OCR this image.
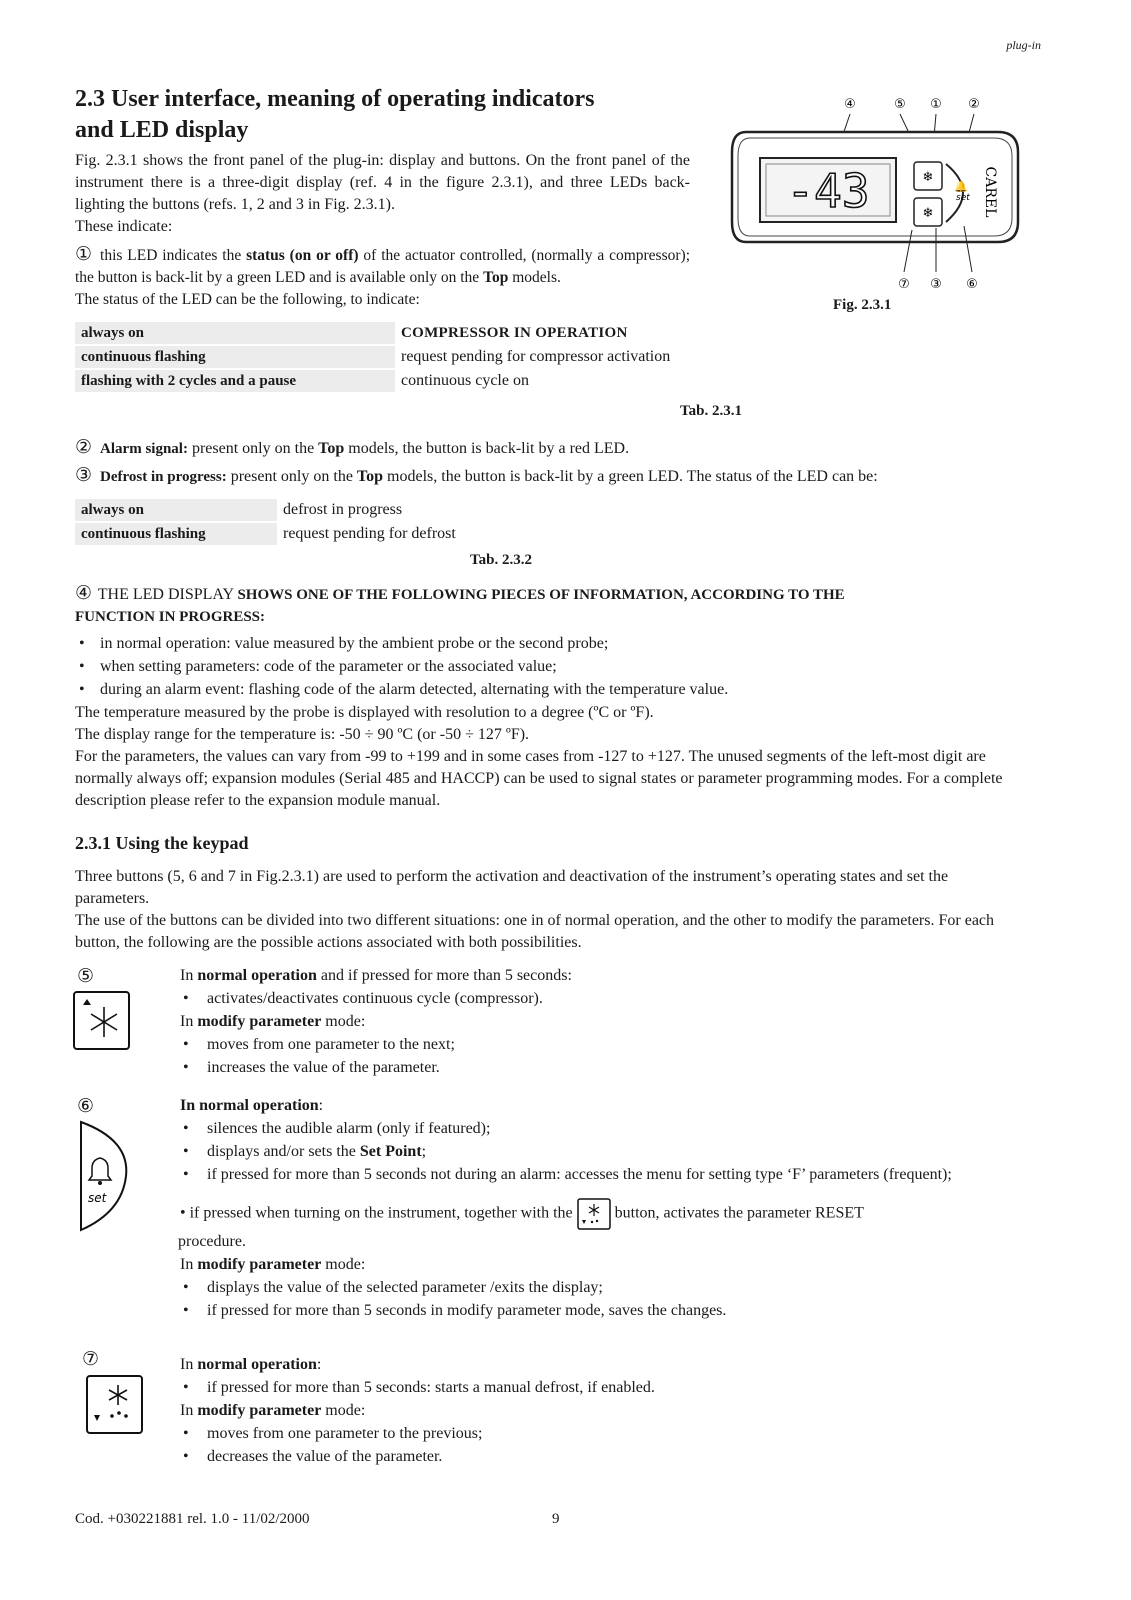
plug-in
2.3 User interface, meaning of operating indicators
and LED display
Fig. 2.3.1 shows the front panel of the plug-in: display and buttons. On the front panel of the instrument there is a three-digit display (ref. 4 in the figure 2.3.1), and three LEDs back-lighting the buttons (refs. 1, 2 and 3 in Fig. 2.3.1).
These indicate:
① this LED indicates the status (on or off) of the actuator controlled, (normally a compressor); the button is back-lit by a green LED and is available only on the Top models.
The status of the LED can be the following, to indicate:
④	⑤ ① ②
-43	❄
❄
set
🔔 CAREL
⑦ ③ ⑥
Fig. 2.3.1
always on	COMPRESSOR IN OPERATION
continuous flashing	request pending for compressor activation
flashing with 2 cycles and a pause	continuous cycle on
Tab. 2.3.1
② Alarm signal: present only on the Top models, the button is back-lit by a red LED.
③ Defrost in progress: present only on the Top models, the button is back-lit by a green LED. The status of the LED can be:
always on	defrost in progress
continuous flashing	request pending for defrost
Tab. 2.3.2
④ THE LED DISPLAY SHOWS ONE OF THE FOLLOWING PIECES OF INFORMATION, ACCORDING TO THE
FUNCTION IN PROGRESS:
• in normal operation: value measured by the ambient probe or the second probe;
• when setting parameters: code of the parameter or the associated value;
• during an alarm event: flashing code of the alarm detected, alternating with the temperature value.
The temperature measured by the probe is displayed with resolution to a degree (ºC or ºF).
The display range for the temperature is: -50 ÷ 90 ºC (or -50 ÷ 127 ºF).
For the parameters, the values can vary from -99 to +199 and in some cases from -127 to +127. The unused segments of the left-most digit are normally always off; expansion modules (Serial 485 and HACCP) can be used to signal states or parameter programming modes. For a complete description please refer to the expansion module manual.
2.3.1 Using the keypad
Three buttons (5, 6 and 7 in Fig.2.3.1) are used to perform the activation and deactivation of the instrument’s operating states and set the parameters.
The use of the buttons can be divided into two different situations: one in of normal operation, and the other to modify the parameters. For each button, the following are the possible actions associated with both possibilities.
⑤	In normal operation and if pressed for more than 5 seconds:
• activates/deactivates continuous cycle (compressor).
In modify parameter mode:
• moves from one parameter to the next;
• increases the value of the parameter.
⑥
set
In normal operation:
• silences the audible alarm (only if featured);
• displays and/or sets the Set Point;
• if pressed for more than 5 seconds not during an alarm: accesses the menu for setting type ‘F’ parameters (frequent);
• if pressed when turning on the instrument, together with the  button, activates the parameter RESET
procedure.
In modify parameter mode:
• displays the value of the selected parameter /exits the display;
• if pressed for more than 5 seconds in modify parameter mode, saves the changes.
⑦	In normal operation:
• if pressed for more than 5 seconds: starts a manual defrost, if enabled.
In modify parameter mode:
• moves from one parameter to the previous;
• decreases the value of the parameter.
Cod. +030221881 rel. 1.0 - 11/02/2000	9
